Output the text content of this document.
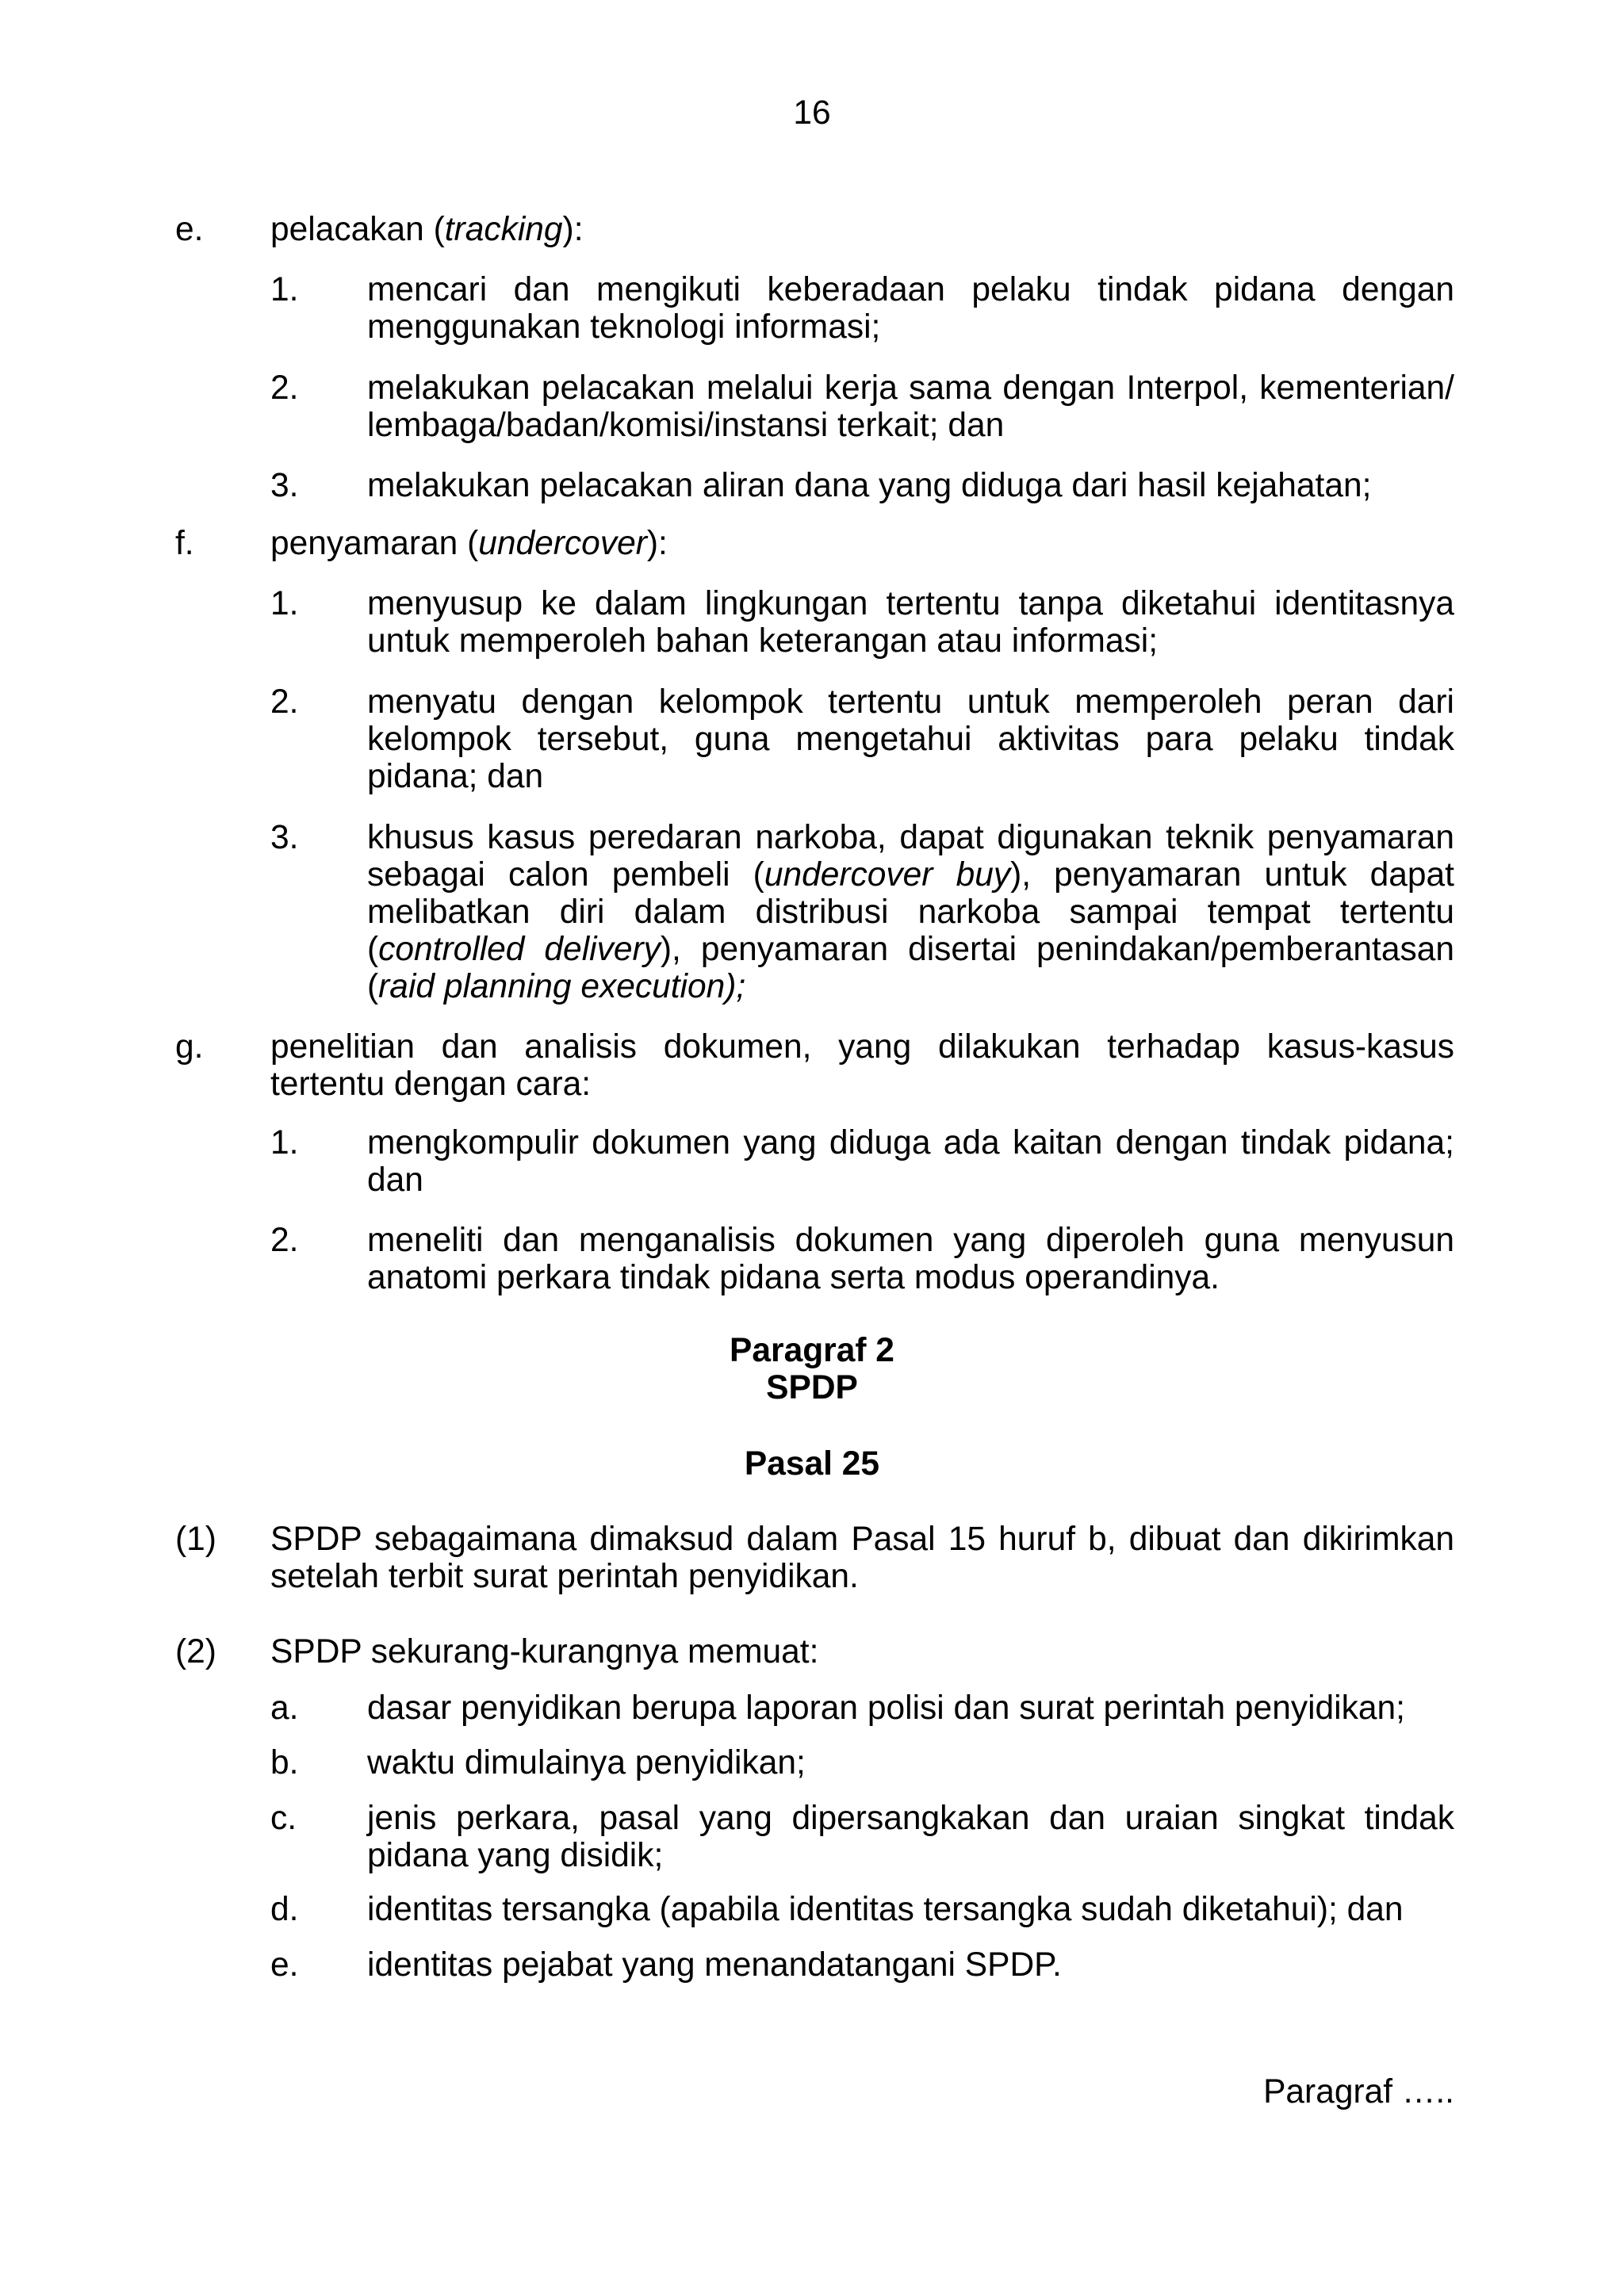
16
e. pelacakan (tracking):
1. mencari dan mengikuti keberadaan pelaku tindak pidana dengan menggunakan teknologi informasi;
2. melakukan pelacakan melalui kerja sama dengan Interpol, kementerian/ lembaga/badan/komisi/instansi terkait; dan
3. melakukan pelacakan aliran dana yang diduga dari hasil kejahatan;
f. penyamaran (undercover):
1. menyusup ke dalam lingkungan tertentu tanpa diketahui identitasnya untuk memperoleh bahan keterangan atau informasi;
2. menyatu dengan kelompok tertentu untuk memperoleh peran dari kelompok tersebut, guna mengetahui aktivitas para pelaku tindak pidana; dan
3. khusus kasus peredaran narkoba, dapat digunakan teknik penyamaran sebagai calon pembeli (undercover buy), penyamaran untuk dapat melibatkan diri dalam distribusi narkoba sampai tempat tertentu (controlled delivery), penyamaran disertai penindakan/pemberantasan (raid planning execution);
g. penelitian dan analisis dokumen, yang dilakukan terhadap kasus-kasus tertentu dengan cara:
1. mengkompulir dokumen yang diduga ada kaitan dengan tindak pidana; dan
2. meneliti dan menganalisis dokumen yang diperoleh guna menyusun anatomi perkara tindak pidana serta modus operandinya.

Paragraf 2

SPDP

Pasal 25
(1) SPDP sebagaimana dimaksud dalam Pasal 15 huruf b, dibuat dan dikirimkan setelah terbit surat perintah penyidikan.
(2) SPDP sekurang-kurangnya memuat:
a. dasar penyidikan berupa laporan polisi dan surat perintah penyidikan;
b. waktu dimulainya penyidikan;
c. jenis perkara, pasal yang dipersangkakan dan uraian singkat tindak pidana yang disidik;
d. identitas tersangka (apabila identitas tersangka sudah diketahui); dan
e. identitas pejabat yang menandatangani SPDP.
Paragraf …..
